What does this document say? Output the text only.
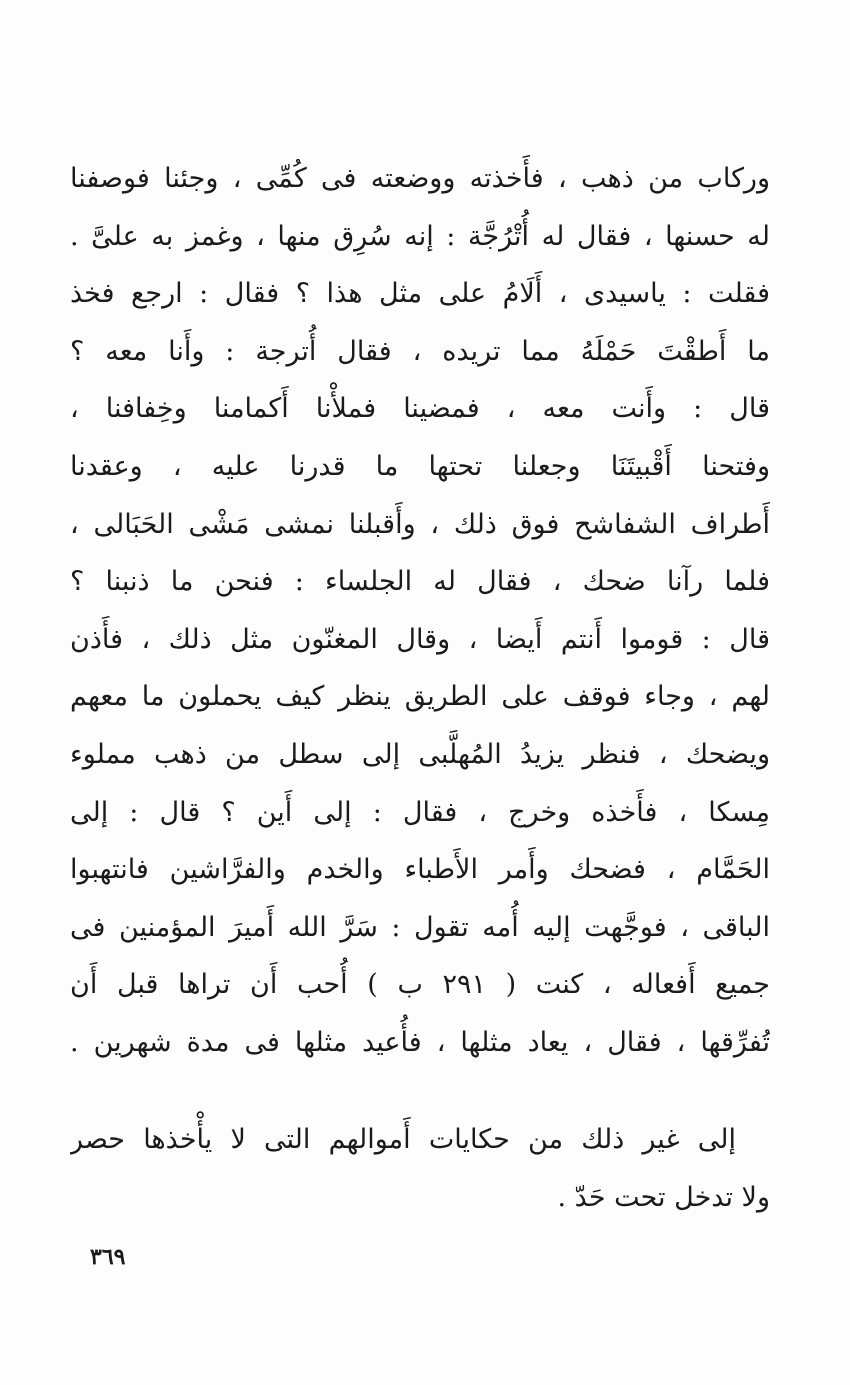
ورکاب من ذهب ، فأَخذته ووضعته فى كُمِّى ، وجئنا فوصفنا
له حسنها ، فقال له أُتْرُجَّة : إنه سُرِق منها ، وغمز به علىَّ .
فقلت : ياسيدى ، أَلَامُ على مثل هذا ؟ فقال : ارجع فخذ
ما أَطقْتَ حَمْلَهُ مما تريده ، فقال أُترجة : وأَنا معه ؟
قال : وأَنت معه ، فمضينا فملأْنا أَكمامنا وخِفافنا ،
وفتحنا أَقْبيتَنَا وجعلنا تحتها ما قدرنا عليه ، وعقدنا
أَطراف الشفاشح فوق ذلك ، وأَقبلنا نمشى مَشْى الحَبَالى ،
فلما رآنا ضحك ، فقال له الجلساء : فنحن ما ذنبنا ؟
قال : قوموا أَنتم أَيضا ، وقال المغنّون مثل ذلك ، فأَذن
لهم ، وجاء فوقف على الطريق ينظر كيف يحملون ما معهم
ويضحك ، فنظر يزيدُ المُهلَّبى إلى سطل من ذهب مملوء
مِسكا ، فأَخذه وخرج ، فقال : إلى أَين ؟ قال : إلى
الحَمَّام ، فضحك وأَمر الأَطباء والخدم والفرَّاشين فانتهبوا
الباقى ، فوجَّهت إليه أُمه تقول : سَرَّ الله أَميرَ المؤمنين فى
جميع أَفعاله ، كنت ( ٢٩١ ب ) أُحب أَن تراها قبل أَن
تُفرِّقها ، فقال ، يعاد مثلها ، فأُعيد مثلها فى مدة شهرين .
إلى غير ذلك من حكايات أَموالهم التى لا يأْخذها حصر
ولا تدخل تحت حَدّ .
٣٦٩
